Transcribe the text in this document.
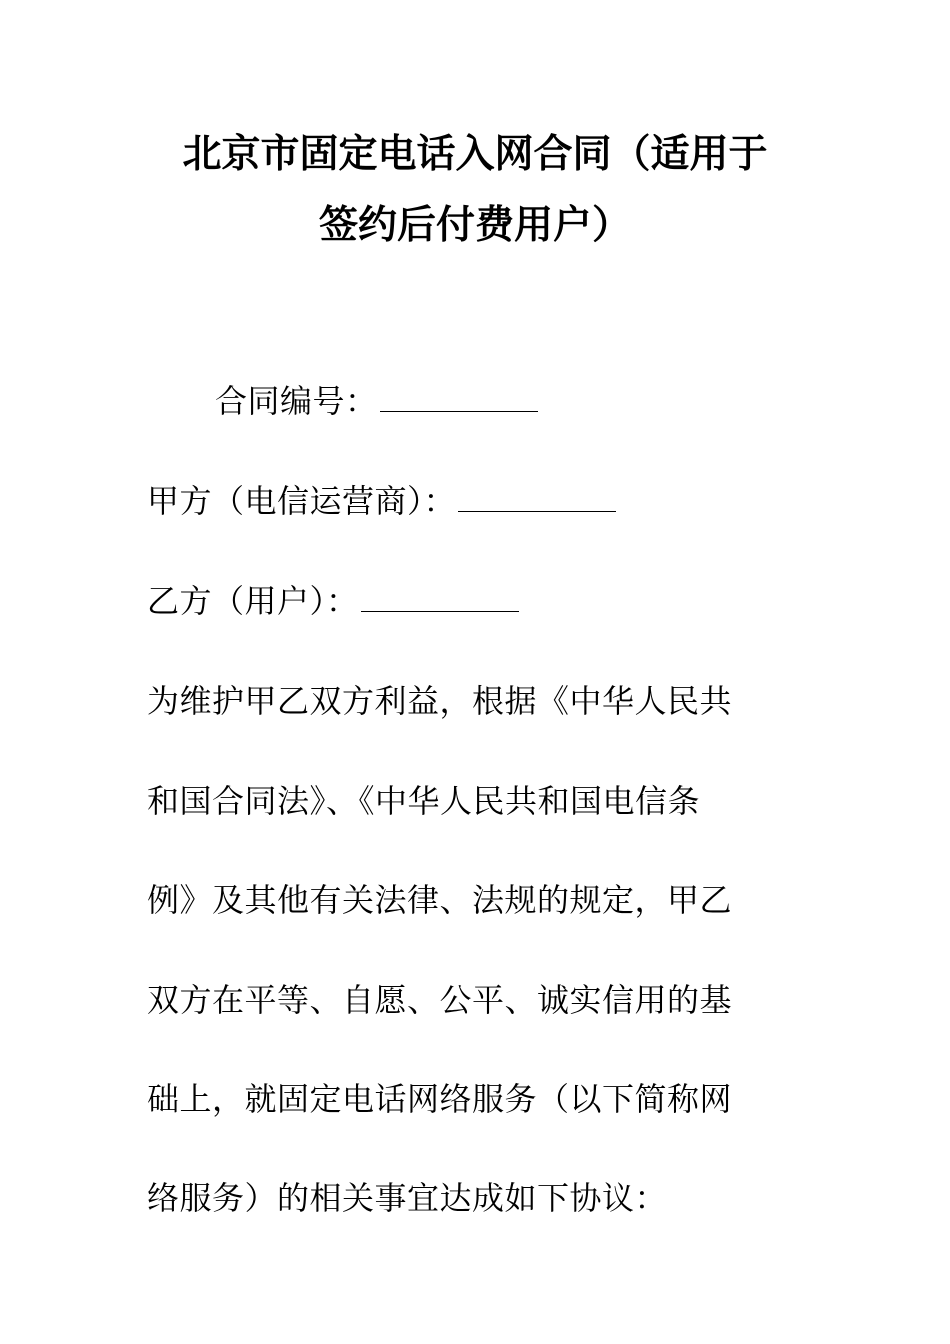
北京市固定电话入网合同（适用于
签约后付费用户）
合同编号：
甲方（电信运营商）：
乙方（用户）：
为维护甲乙双方利益，根据《中华人民共
和国合同法》、《中华人民共和国电信条
例》及其他有关法律、法规的规定，甲乙
双方在平等、自愿、公平、诚实信用的基
础上，就固定电话网络服务（以下简称网
络服务）的相关事宜达成如下协议：
